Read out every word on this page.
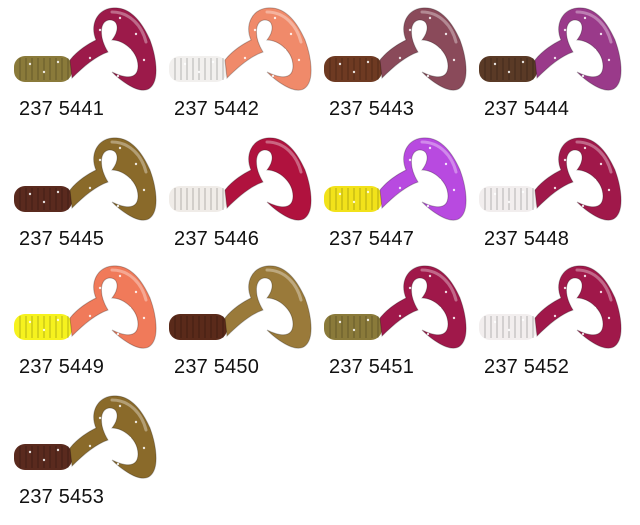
237 5441	237 5442	237 5443	237 5444
237 5445	237 5446	237 5447	237 5448
237 5449	237 5450	237 5451	237 5452
237 5453
